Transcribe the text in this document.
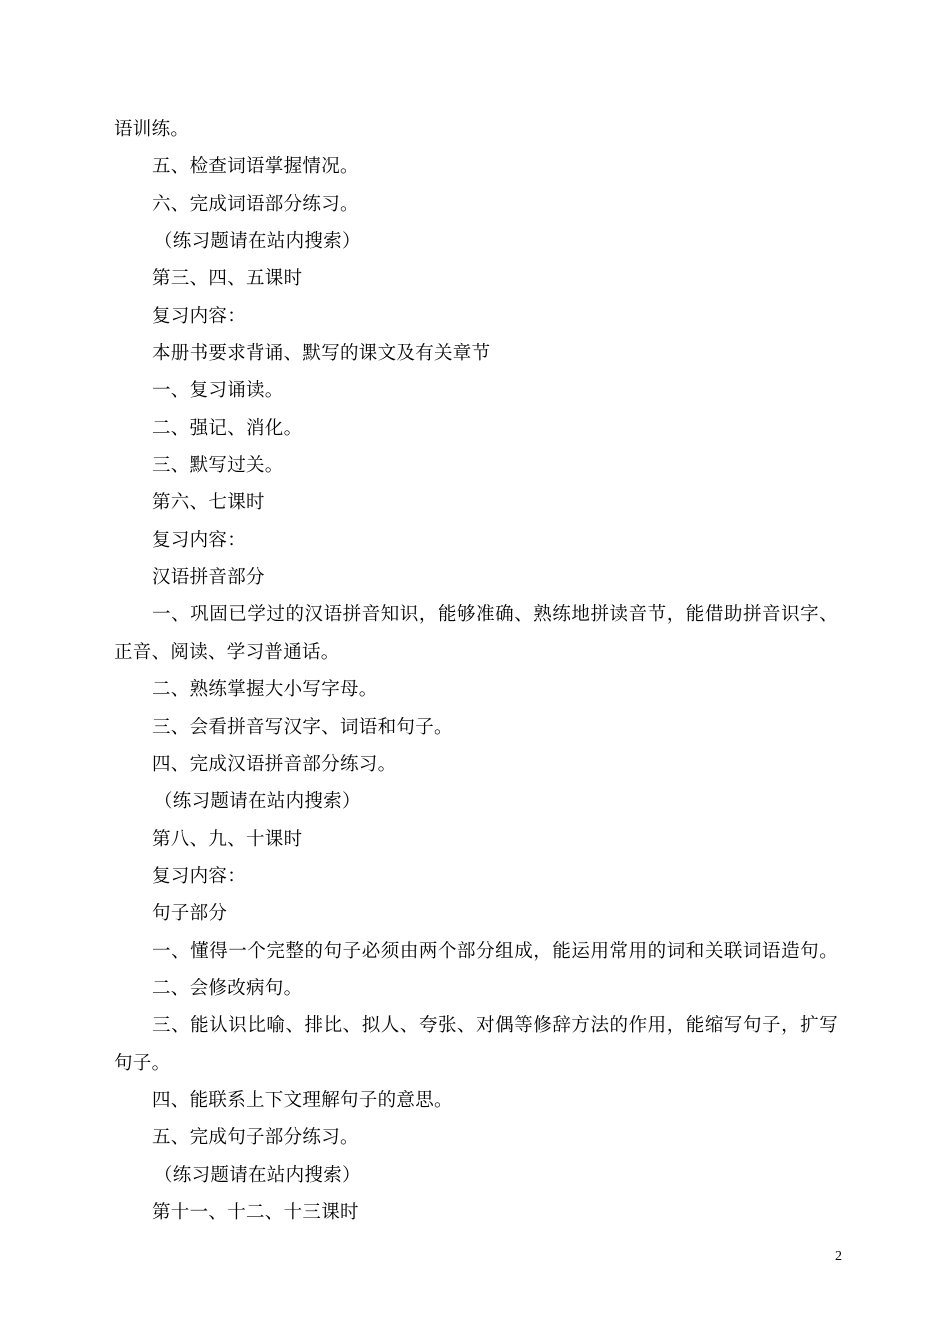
语训练。
五、检查词语掌握情况。
六、完成词语部分练习。
（练习题请在站内搜索）
第三、四、五课时
复习内容：
本册书要求背诵、默写的课文及有关章节
一、复习诵读。
二、强记、消化。
三、默写过关。
第六、七课时
复习内容：
汉语拼音部分
一、巩固已学过的汉语拼音知识，能够准确、熟练地拼读音节，能借助拼音识字、
正音、阅读、学习普通话。
二、熟练掌握大小写字母。
三、会看拼音写汉字、词语和句子。
四、完成汉语拼音部分练习。
（练习题请在站内搜索）
第八、九、十课时
复习内容：
句子部分
一、懂得一个完整的句子必须由两个部分组成，能运用常用的词和关联词语造句。
二、会修改病句。
三、能认识比喻、排比、拟人、夸张、对偶等修辞方法的作用，能缩写句子，扩写
句子。
四、能联系上下文理解句子的意思。
五、完成句子部分练习。
（练习题请在站内搜索）
第十一、十二、十三课时
2
